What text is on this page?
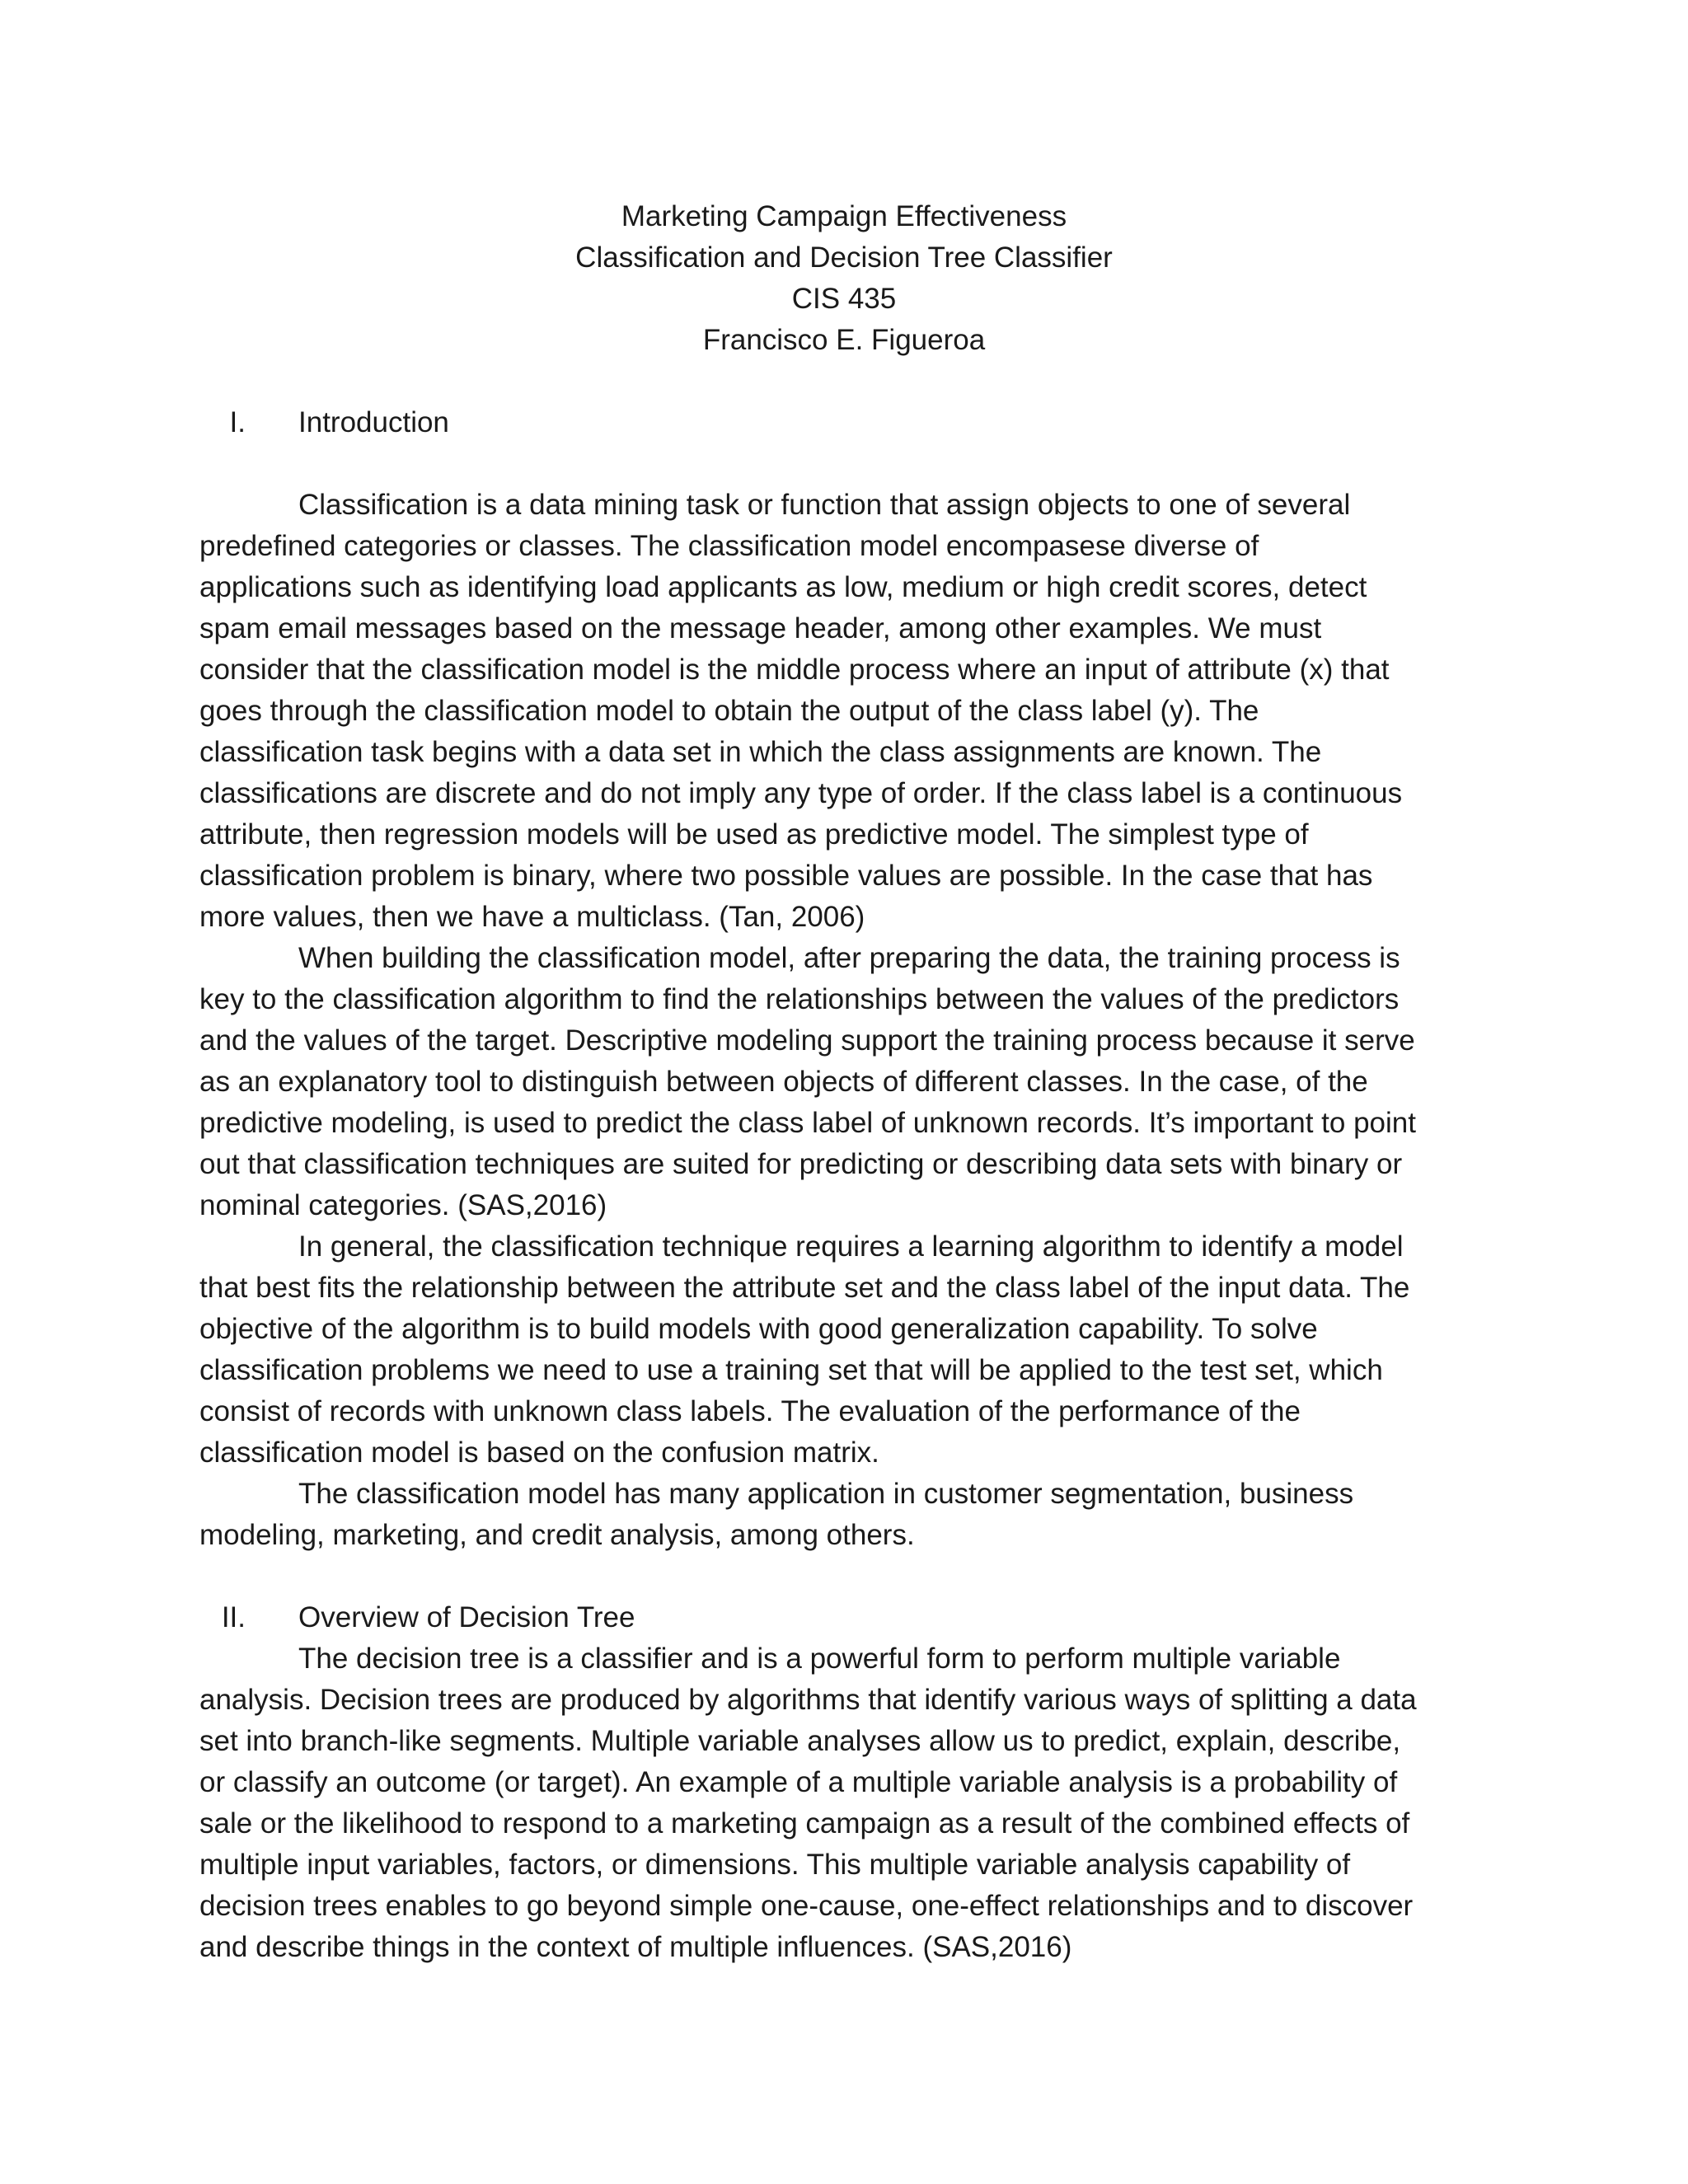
Marketing Campaign Effectiveness
Classification and Decision Tree Classifier
CIS 435
Francisco E. Figueroa
I. Introduction
Classification is a data mining task or function that assign objects to one of several
predefined categories or classes. The classification model encompasese diverse of
applications such as identifying load applicants as low, medium or high credit scores, detect
spam email messages based on the message header, among other examples. We must
consider that the classification model is the middle process where an input of attribute (x) that
goes through the classification model to obtain the output of the class label (y). The
classification task begins with a data set in which the class assignments are known. The
classifications are discrete and do not imply any type of order. If the class label is a continuous
attribute, then regression models will be used as predictive model. The simplest type of
classification problem is binary, where two possible values are possible. In the case that has
more values, then we have a multiclass. (Tan, 2006)
When building the classification model, after preparing the data, the training process is
key to the classification algorithm to find the relationships between the values of the predictors
and the values of the target. Descriptive modeling support the training process because it serve
as an explanatory tool to distinguish between objects of different classes. In the case, of the
predictive modeling, is used to predict the class label of unknown records. It’s important to point
out that classification techniques are suited for predicting or describing data sets with binary or
nominal categories. (SAS,2016)
In general, the classification technique requires a learning algorithm to identify a model
that best fits the relationship between the attribute set and the class label of the input data. The
objective of the algorithm is to build models with good generalization capability. To solve
classification problems we need to use a training set that will be applied to the test set, which
consist of records with unknown class labels. The evaluation of the performance of the
classification model is based on the confusion matrix.
The classification model has many application in customer segmentation, business
modeling, marketing, and credit analysis, among others.
II. Overview of Decision Tree
The decision tree is a classifier and is a powerful form to perform multiple variable
analysis. Decision trees are produced by algorithms that identify various ways of splitting a data
set into branch-like segments. Multiple variable analyses allow us to predict, explain, describe,
or classify an outcome (or target). An example of a multiple variable analysis is a probability of
sale or the likelihood to respond to a marketing campaign as a result of the combined effects of
multiple input variables, factors, or dimensions. This multiple variable analysis capability of
decision trees enables to go beyond simple one-cause, one-effect relationships and to discover
and describe things in the context of multiple influences. (SAS,2016)
